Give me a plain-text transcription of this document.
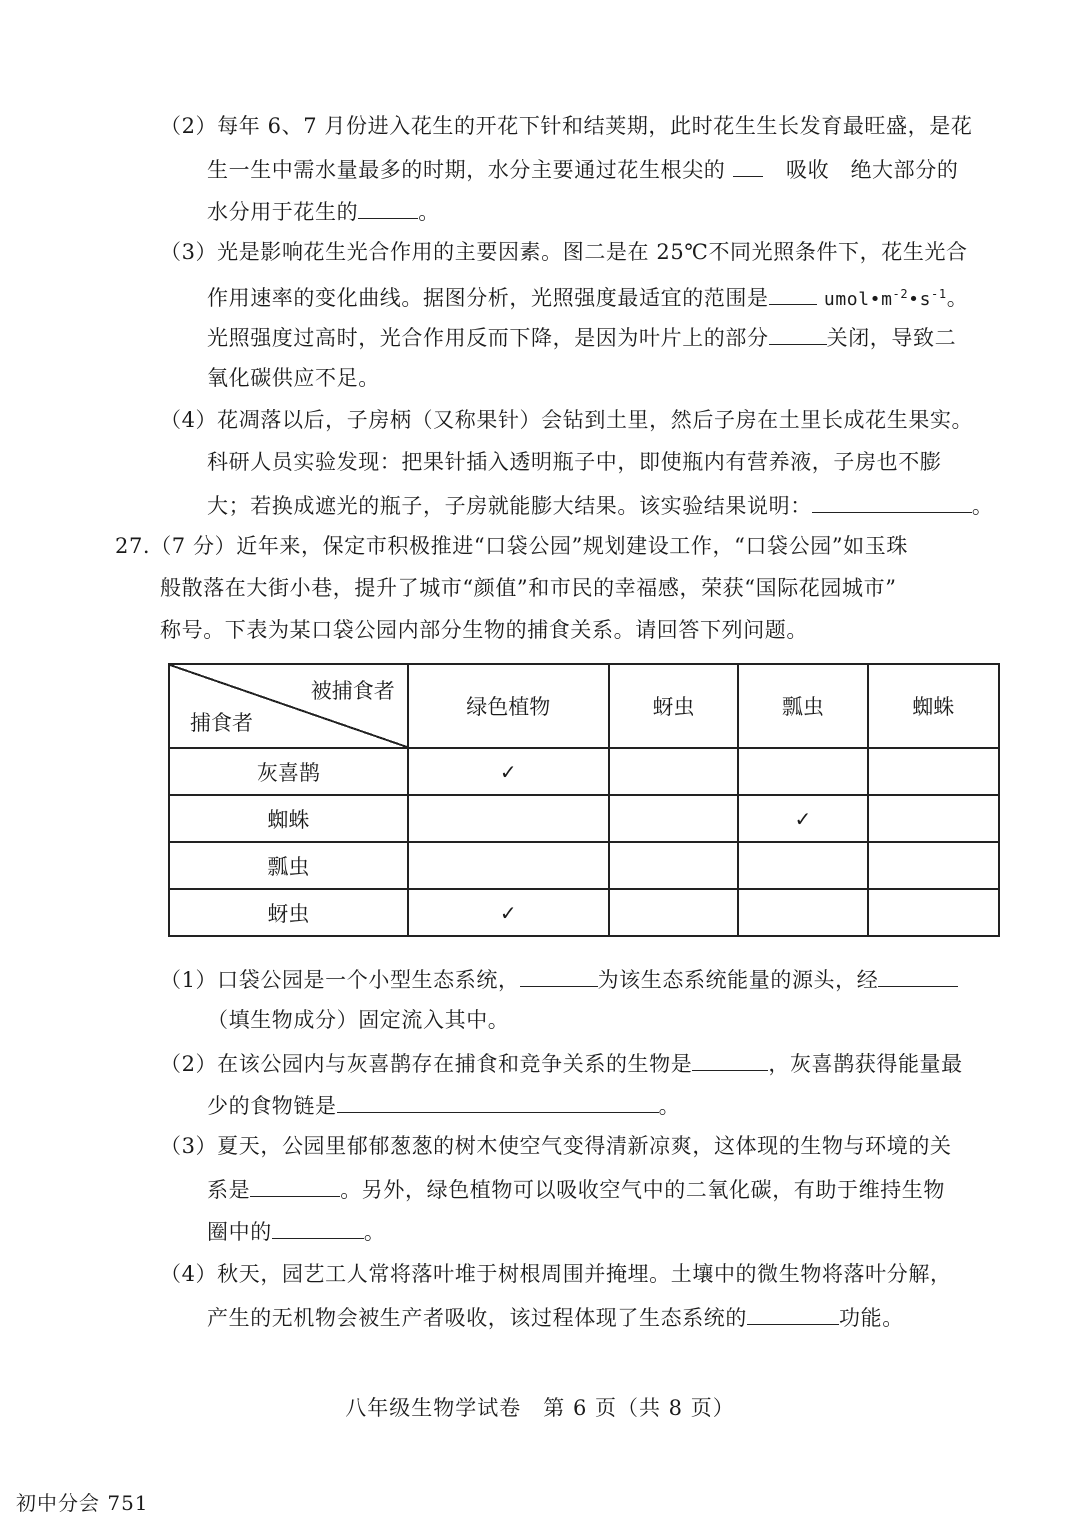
（2）每年 6、7 月份进入花生的开花下针和结荚期，此时花生生长发育最旺盛，是花
生一生中需水量最多的时期，水分主要通过花生根尖的	吸收 绝大部分的
水分用于花生的	。
（3）光是影响花生光合作用的主要因素。图二是在 25℃不同光照条件下，花生光合
作用速率的变化曲线。据图分析，光照强度最适宜的范围是	$umol•m^{-2}•s^{-1}$。
光照强度过高时，光合作用反而下降，是因为叶片上的部分	关闭，导致二
氧化碳供应不足。
（4）花凋落以后，子房柄（又称果针）会钻到土里，然后子房在土里长成花生果实。
科研人员实验发现：把果针插入透明瓶子中，即使瓶内有营养液，子房也不膨
大；若换成遮光的瓶子，子房就能膨大结果。该实验结果说明：	。
27.（7 分）近年来，保定市积极推进“口袋公园”规划建设工作，“口袋公园”如玉珠
般散落在大街小巷，提升了城市“颜值”和市民的幸福感，荣获“国际花园城市”
称号。下表为某口袋公园内部分生物的捕食关系。请回答下列问题。
被捕食者
捕食者	绿色植物	蚜虫	瓢虫	蜘蛛
灰喜鹊	✓			
蜘蛛			✓	
瓢虫				
蚜虫	✓			
（1）口袋公园是一个小型生态系统，	为该生态系统能量的源头，经
（填生物成分）固定流入其中。
（2）在该公园内与灰喜鹊存在捕食和竞争关系的生物是	，灰喜鹊获得能量最
少的食物链是	。
（3）夏天，公园里郁郁葱葱的树木使空气变得清新凉爽，这体现的生物与环境的关
系是	。另外，绿色植物可以吸收空气中的二氧化碳，有助于维持生物
圈中的	。
（4）秋天，园艺工人常将落叶堆于树根周围并掩埋。土壤中的微生物将落叶分解，
产生的无机物会被生产者吸收，该过程体现了生态系统的	功能。
八年级生物学试卷　第 6 页（共 8 页）
初中分会 751
